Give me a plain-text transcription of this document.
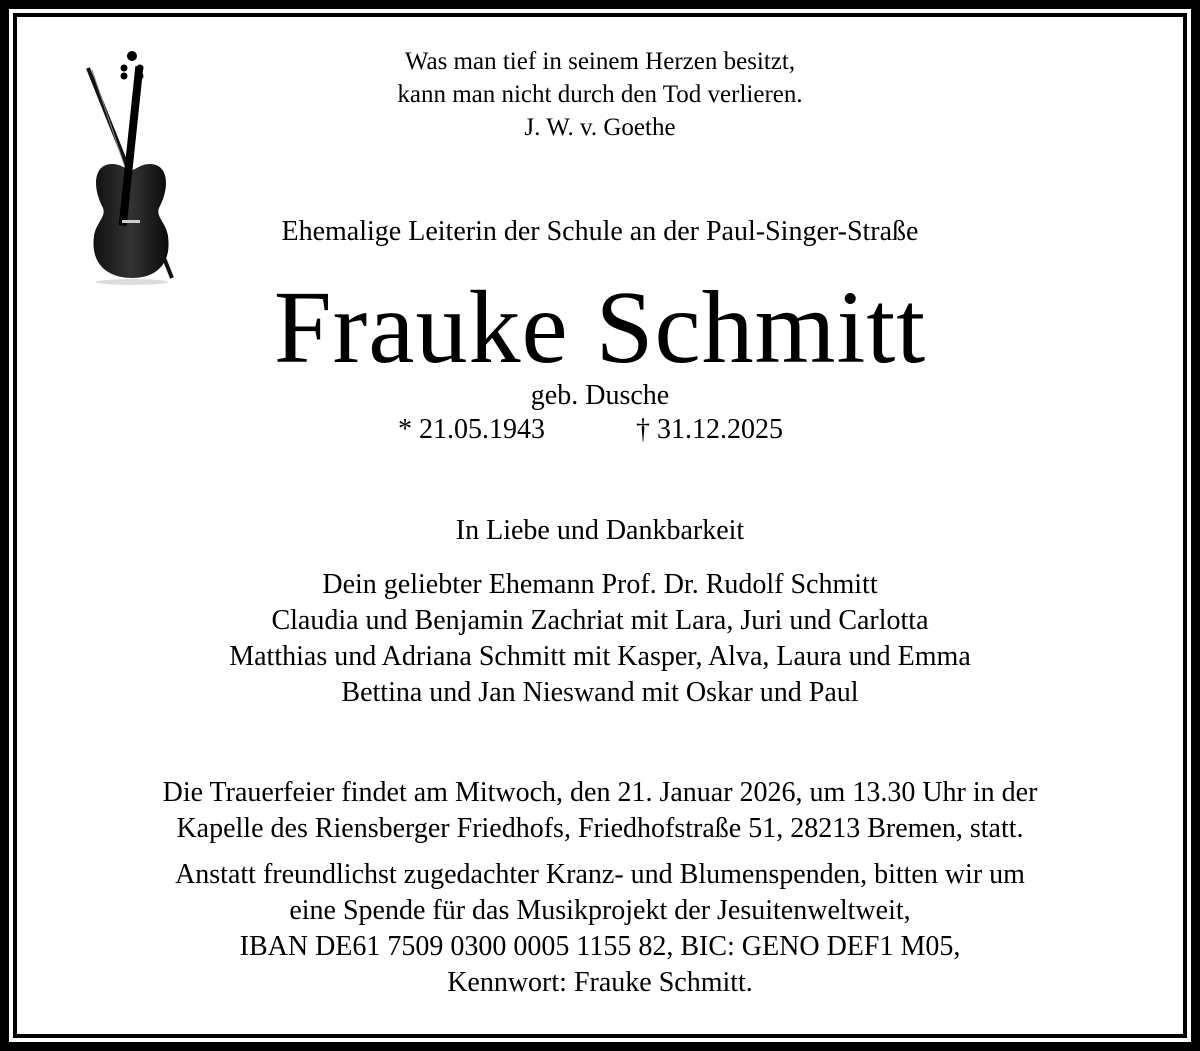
Was man tief in seinem Herzen besitzt,
kann man nicht durch den Tod verlieren.
J. W. v. Goethe
Ehemalige Leiterin der Schule an der Paul-Singer-Straße
Frauke Schmitt
geb. Dusche
* 21.05.1943	† 31.12.2025
In Liebe und Dankbarkeit
Dein geliebter Ehemann Prof. Dr. Rudolf Schmitt
Claudia und Benjamin Zachriat mit Lara, Juri und Carlotta
Matthias und Adriana Schmitt mit Kasper, Alva, Laura und Emma
Bettina und Jan Nieswand mit Oskar und Paul
Die Trauerfeier findet am Mitwoch, den 21. Januar 2026, um 13.30 Uhr in der
Kapelle des Riensberger Friedhofs, Friedhofstraße 51, 28213 Bremen, statt.
Anstatt freundlichst zugedachter Kranz- und Blumenspenden, bitten wir um
eine Spende für das Musikprojekt der Jesuitenweltweit,
IBAN DE61 7509 0300 0005 1155 82, BIC: GENO DEF1 M05,
Kennwort: Frauke Schmitt.
